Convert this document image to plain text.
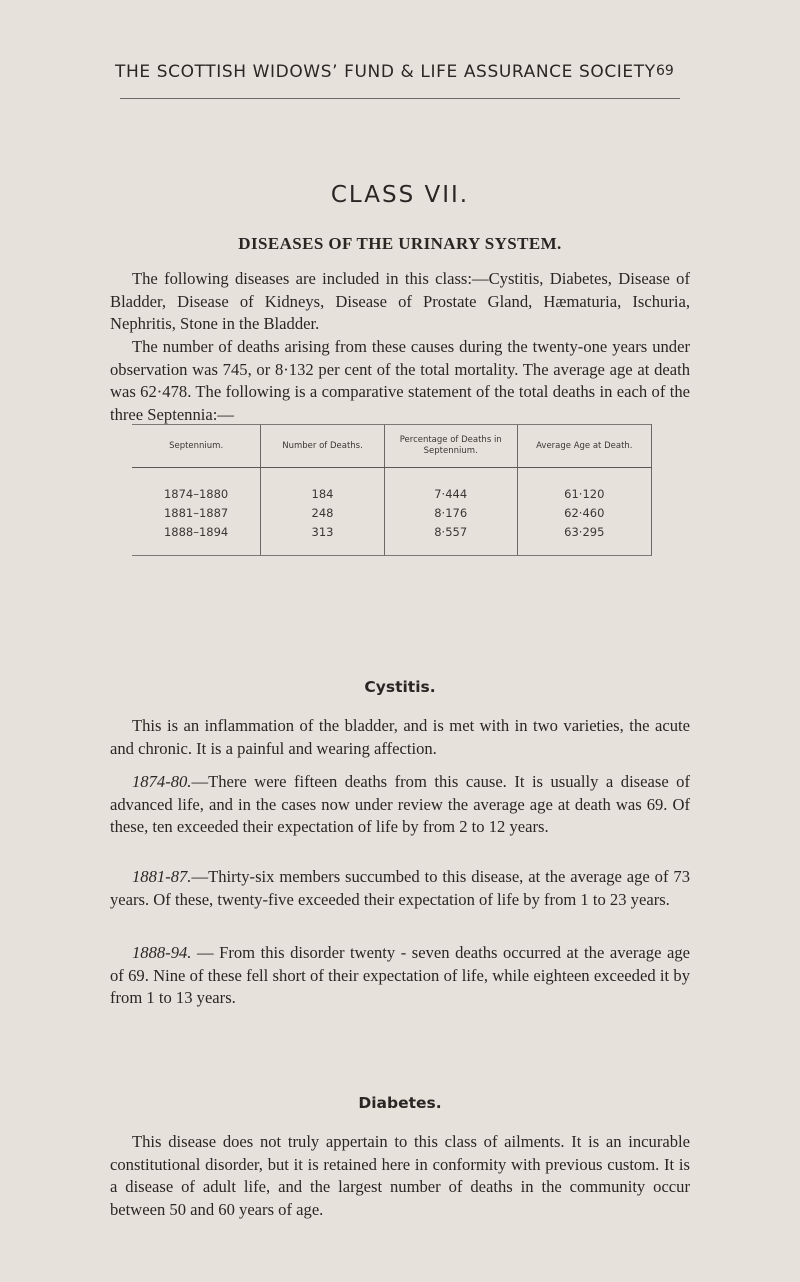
THE SCOTTISH WIDOWS’ FUND & LIFE ASSURANCE SOCIETY 69
CLASS VII.
DISEASES OF THE URINARY SYSTEM.

The following diseases are included in this class:—Cystitis, Diabetes, Disease of Bladder, Disease of Kidneys, Disease of Prostate Gland, Hæmaturia, Ischuria, Nephritis, Stone in the Bladder.

The number of deaths arising from these causes during the twenty-one years under observation was 745, or 8·132 per cent of the total mortality. The average age at death was 62·478. The following is a comparative statement of the total deaths in each of the three Septennia:—

Septennium.	Number of Deaths.	Percentage of Deaths in Septennium.	Average Age at Death.
1874–1880	184	7·444	61·120
1881–1887	248	8·176	62·460
1888–1894	313	8·557	63·295
Cystitis.

This is an inflammation of the bladder, and is met with in two varieties, the acute and chronic. It is a painful and wearing affection.

1874-80.—There were fifteen deaths from this cause. It is usually a disease of advanced life, and in the cases now under review the average age at death was 69. Of these, ten exceeded their expectation of life by from 2 to 12 years.

1881-87.—Thirty-six members succumbed to this disease, at the average age of 73 years. Of these, twenty-five exceeded their expectation of life by from 1 to 23 years.

1888-94. — From this disorder twenty - seven deaths occurred at the average age of 69. Nine of these fell short of their expectation of life, while eighteen exceeded it by from 1 to 13 years.

Diabetes.

This disease does not truly appertain to this class of ailments. It is an incurable constitutional disorder, but it is retained here in conformity with previous custom. It is a disease of adult life, and the largest number of deaths in the community occur between 50 and 60 years of age.
